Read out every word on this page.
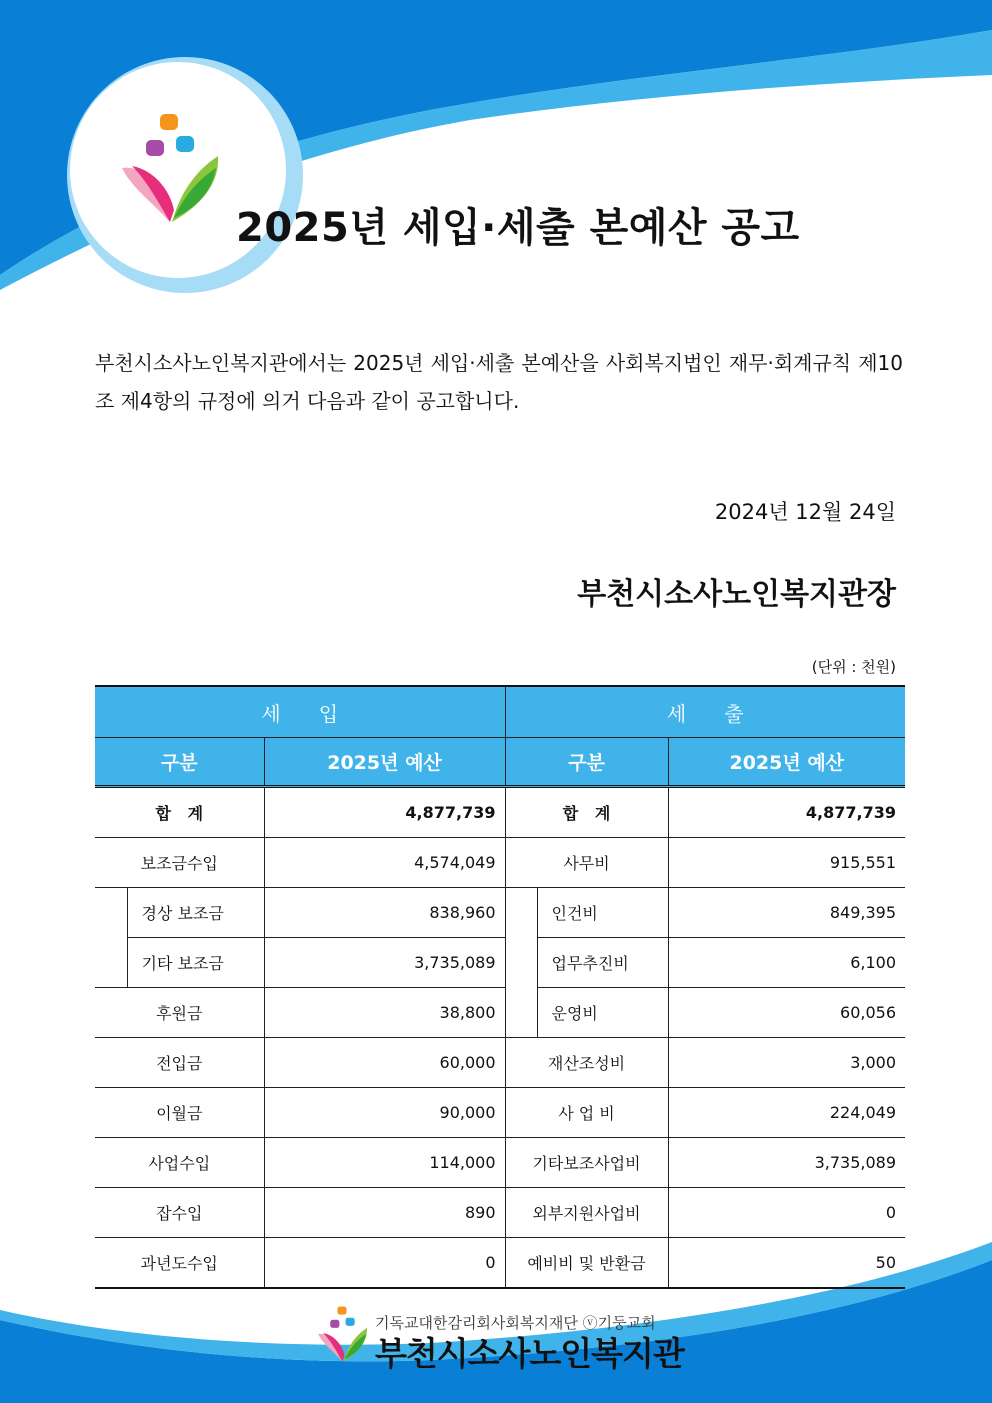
2025년 세입·세출 본예산 공고
부천시소사노인복지관에서는 2025년 세입·세출 본예산을 사회복지법인 재무·회계규칙 제10조 제4항의 규정에 의거 다음과 같이 공고합니다.
2024년 12월 24일
부천시소사노인복지관장
(단위 : 천원)
세      입			세      출		
구분		2025년 예산	구분		2025년 예산
합   계		4,877,739	합   계		4,877,739
보조금수입		4,574,049	사무비		915,551
	경상 보조금	838,960		인건비	849,395
	기타 보조금	3,735,089		업무추진비	6,100
후원금		38,800		운영비	60,056
전입금		60,000	재산조성비		3,000
이월금		90,000	사 업 비		224,049
사업수입		114,000	기타보조사업비		3,735,089
잡수입		890	외부지원사업비		0
과년도수입		0	예비비 및 반환금		50
기독교대한감리회사회복지재단 ⓥ기둥교회
부천시소사노인복지관
